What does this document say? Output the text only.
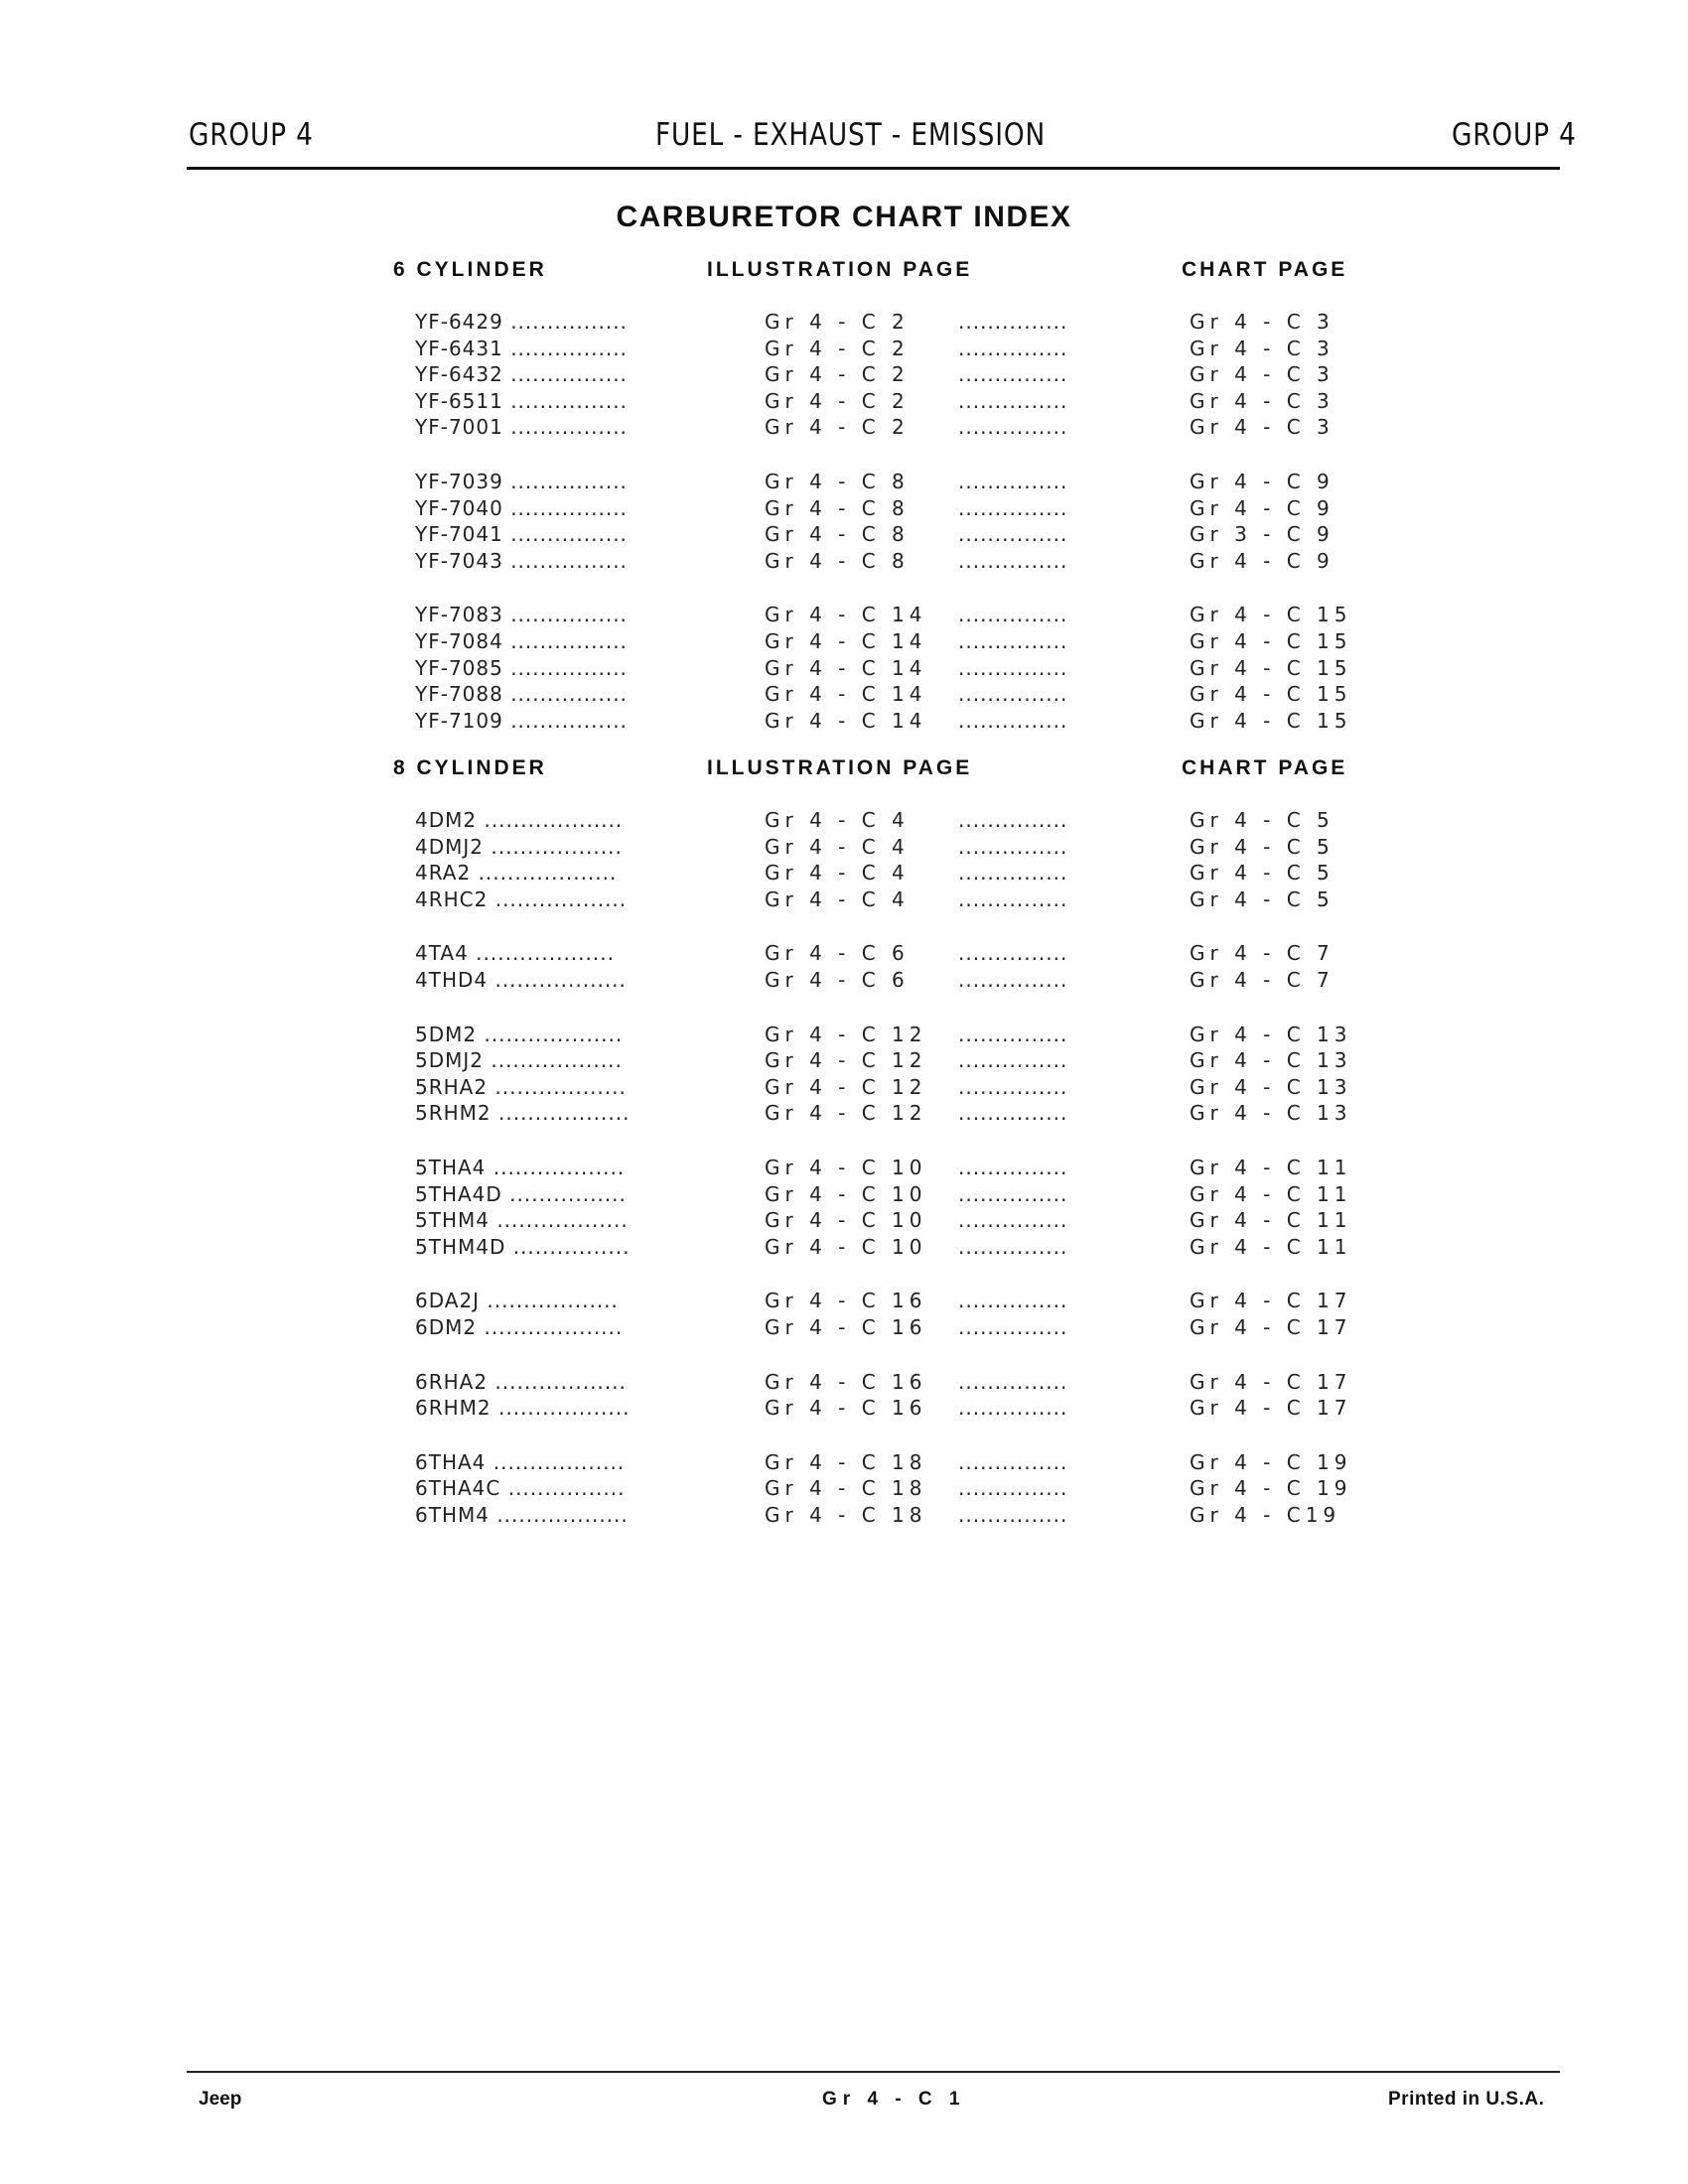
GROUP 4	FUEL - EXHAUST - EMISSION	GROUP 4
CARBURETOR CHART INDEX
6 CYLINDER	ILLUSTRATION PAGE	CHART PAGE
YF-6429 ................	Gr 4 - C 2 ...............	Gr 4 - C 3
YF-6431 ................	Gr 4 - C 2 ...............	Gr 4 - C 3
YF-6432 ................	Gr 4 - C 2 ...............	Gr 4 - C 3
YF-6511 ................	Gr 4 - C 2 ...............	Gr 4 - C 3
YF-7001 ................	Gr 4 - C 2 ...............	Gr 4 - C 3
YF-7039 ................	Gr 4 - C 8 ...............	Gr 4 - C 9
YF-7040 ................	Gr 4 - C 8 ...............	Gr 4 - C 9
YF-7041 ................	Gr 4 - C 8 ...............	Gr 3 - C 9
YF-7043 ................	Gr 4 - C 8 ...............	Gr 4 - C 9
YF-7083 ................	Gr 4 - C 14 ...............	Gr 4 - C 15
YF-7084 ................	Gr 4 - C 14 ...............	Gr 4 - C 15
YF-7085 ................	Gr 4 - C 14 ...............	Gr 4 - C 15
YF-7088 ................	Gr 4 - C 14 ...............	Gr 4 - C 15
YF-7109 ................	Gr 4 - C 14 ...............	Gr 4 - C 15
8 CYLINDER	ILLUSTRATION PAGE	CHART PAGE
4DM2 ...................	Gr 4 - C 4 ...............	Gr 4 - C 5
4DMJ2 ..................	Gr 4 - C 4 ...............	Gr 4 - C 5
4RA2 ...................	Gr 4 - C 4 ...............	Gr 4 - C 5
4RHC2 ..................	Gr 4 - C 4 ...............	Gr 4 - C 5
4TA4 ...................	Gr 4 - C 6 ...............	Gr 4 - C 7
4THD4 ..................	Gr 4 - C 6 ...............	Gr 4 - C 7
5DM2 ...................	Gr 4 - C 12 ...............	Gr 4 - C 13
5DMJ2 ..................	Gr 4 - C 12 ...............	Gr 4 - C 13
5RHA2 ..................	Gr 4 - C 12 ...............	Gr 4 - C 13
5RHM2 ..................	Gr 4 - C 12 ...............	Gr 4 - C 13
5THA4 ..................	Gr 4 - C 10 ...............	Gr 4 - C 11
5THA4D ................	Gr 4 - C 10 ...............	Gr 4 - C 11
5THM4 ..................	Gr 4 - C 10 ...............	Gr 4 - C 11
5THM4D ................	Gr 4 - C 10 ...............	Gr 4 - C 11
6DA2J ..................	Gr 4 - C 16 ...............	Gr 4 - C 17
6DM2 ...................	Gr 4 - C 16 ...............	Gr 4 - C 17
6RHA2 ..................	Gr 4 - C 16 ...............	Gr 4 - C 17
6RHM2 ..................	Gr 4 - C 16 ...............	Gr 4 - C 17
6THA4 ..................	Gr 4 - C 18 ...............	Gr 4 - C 19
6THA4C ................	Gr 4 - C 18 ...............	Gr 4 - C 19
6THM4 ..................	Gr 4 - C 18 ...............	Gr 4 - C19
Jeep	Gr 4 - C 1	Printed in U.S.A.
